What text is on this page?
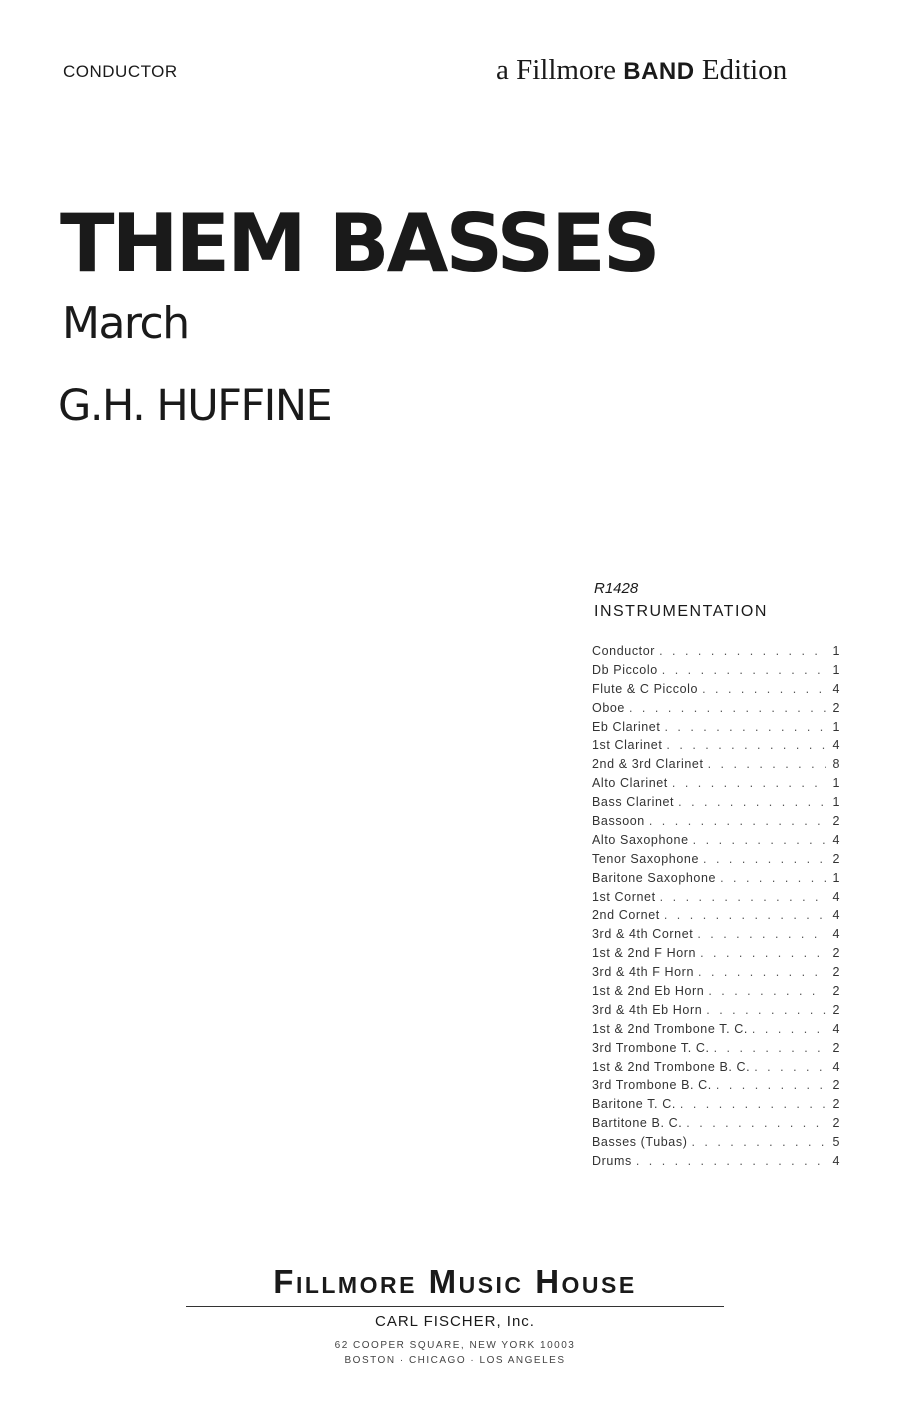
CONDUCTOR	a Fillmore BAND Edition
THEM BASSES
March
G.H. HUFFINE
R1428
INSTRUMENTATION
Conductor . . .	1
Db Piccolo . . .	1
Flute & C Piccolo . . .	4
Oboe . . .	2
Eb Clarinet . . .	1
1st Clarinet . . .	4
2nd & 3rd Clarinet . . .	8
Alto Clarinet . . .	1
Bass Clarinet . . .	1
Bassoon . . .	2
Alto Saxophone . . .	4
Tenor Saxophone . . .	2
Baritone Saxophone . . .	1
1st Cornet . . .	4
2nd Cornet . . .	4
3rd & 4th Cornet . . .	4
1st & 2nd F Horn . . .	2
3rd & 4th F Horn . . .	2
1st & 2nd Eb Horn . . .	2
3rd & 4th Eb Horn . . .	2
1st & 2nd Trombone T. C. . . .	4
3rd Trombone T. C. . . .	2
1st & 2nd Trombone B. C. . . .	4
3rd Trombone B. C. . . .	2
Baritone T. C. . . .	2
Bartitone B. C. . . .	2
Basses (Tubas) . . .	5
Drums . . .	4
Fillmore Music House
CARL FISCHER, Inc.
62 COOPER SQUARE, NEW YORK 10003
BOSTON · CHICAGO · LOS ANGELES
